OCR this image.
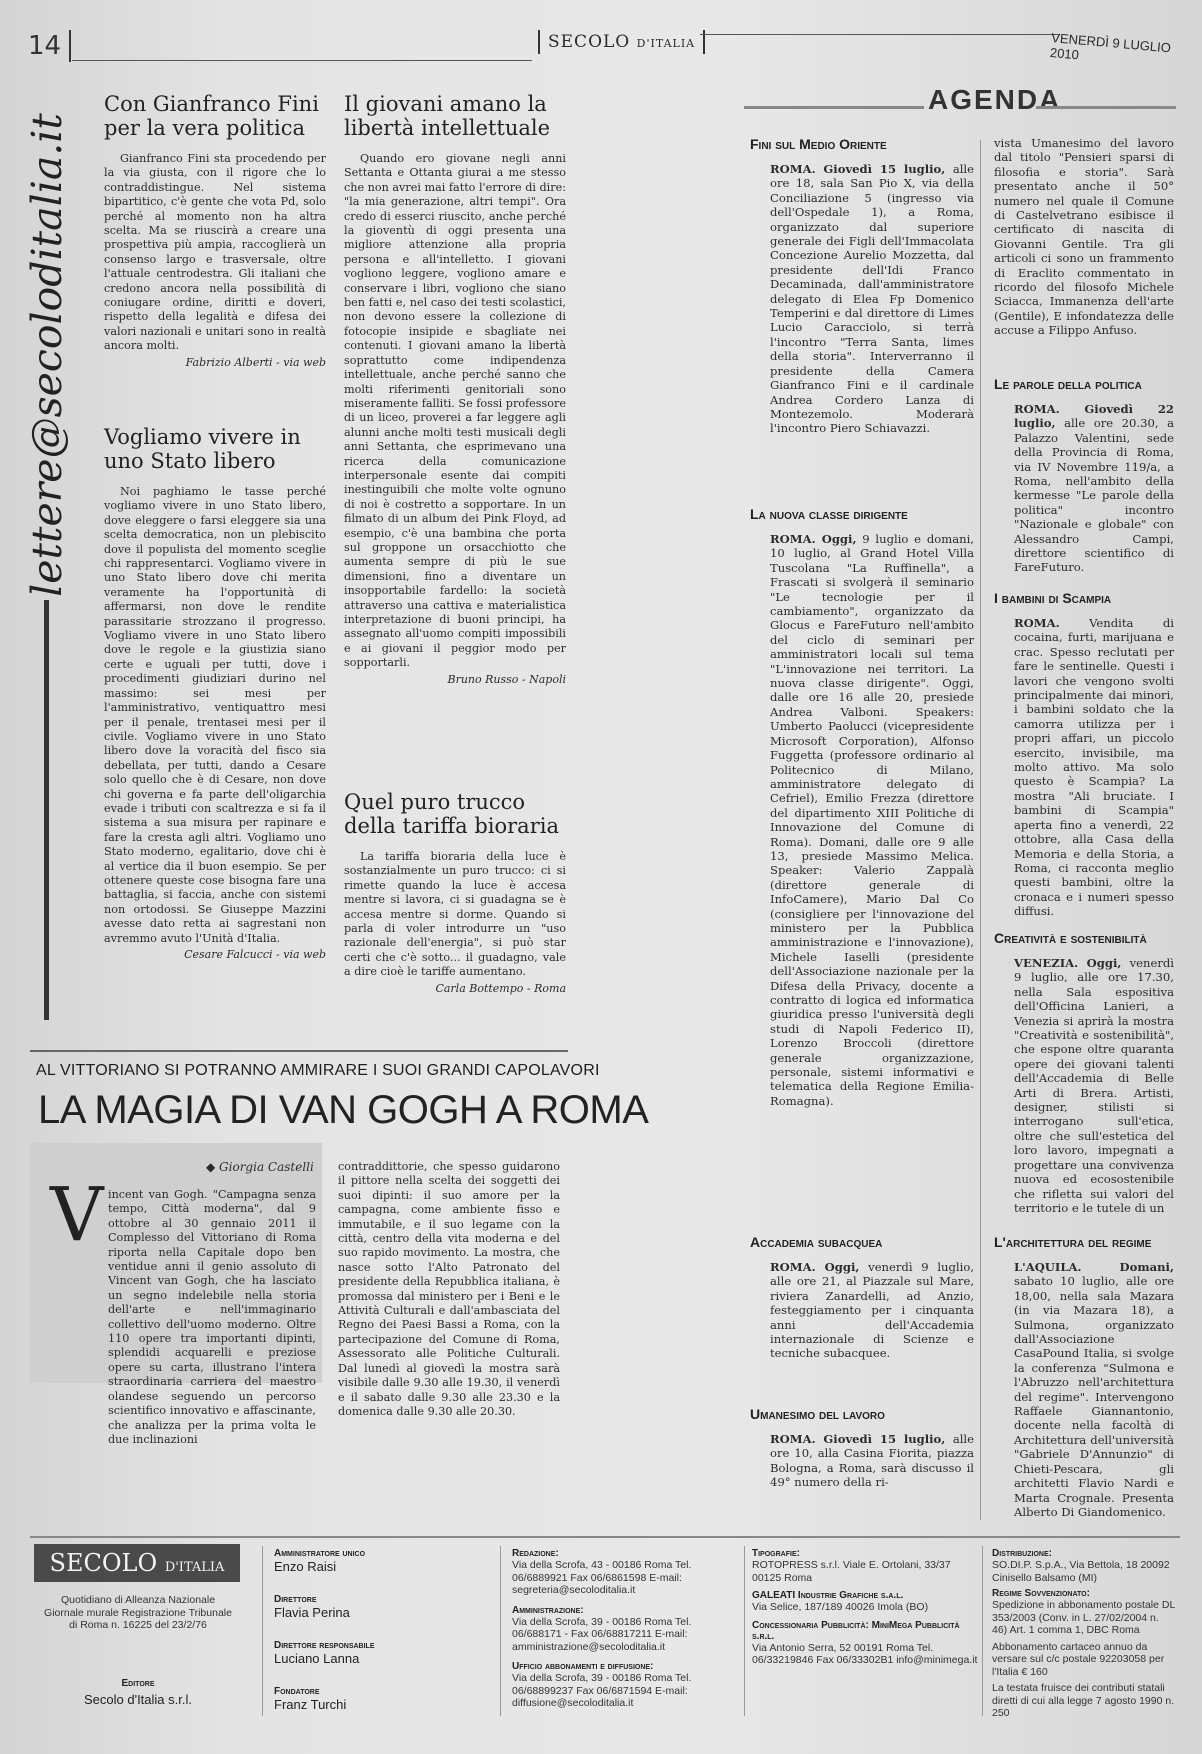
14	SECOLO D'ITALIA	VENERDÌ 9 LUGLIO 2010
lettere@secoloditalia.it
Con Gianfranco Fini per la vera politica

Gianfranco Fini sta procedendo per la via giusta, con il rigore che lo contraddistingue. Nel sistema bipartitico, c'è gente che vota Pd, solo perché al momento non ha altra scelta. Ma se riuscirà a creare una prospettiva più ampia, raccoglierà un consenso largo e trasversale, oltre l'attuale centrodestra. Gli italiani che credono ancora nella possibilità di coniugare ordine, diritti e doveri, rispetto della legalità e difesa dei valori nazionali e unitari sono in realtà ancora molti.

Fabrizio Alberti - via web
Vogliamo vivere in uno Stato libero

Noi paghiamo le tasse perché vogliamo vivere in uno Stato libero, dove eleggere o farsi eleggere sia una scelta democratica, non un plebiscito dove il populista del momento sceglie chi rappresentarci. Vogliamo vivere in uno Stato libero dove chi merita veramente ha l'opportunità di affermarsi, non dove le rendite parassitarie strozzano il progresso. Vogliamo vivere in uno Stato libero dove le regole e la giustizia siano certe e uguali per tutti, dove i procedimenti giudiziari durino nel massimo: sei mesi per l'amministrativo, ventiquattro mesi per il penale, trentasei mesi per il civile. Vogliamo vivere in uno Stato libero dove la voracità del fisco sia debellata, per tutti, dando a Cesare solo quello che è di Cesare, non dove chi governa e fa parte dell'oligarchia evade i tributi con scaltrezza e si fa il sistema a sua misura per rapinare e fare la cresta agli altri. Vogliamo uno Stato moderno, egalitario, dove chi è al vertice dia il buon esempio. Se per ottenere queste cose bisogna fare una battaglia, si faccia, anche con sistemi non ortodossi. Se Giuseppe Mazzini avesse dato retta ai sagrestani non avremmo avuto l'Unità d'Italia.

Cesare Falcucci - via web
Il giovani amano la libertà intellettuale

Quando ero giovane negli anni Settanta e Ottanta giurai a me stesso che non avrei mai fatto l'errore di dire: "la mia generazione, altri tempi". Ora credo di esserci riuscito, anche perché la gioventù di oggi presenta una migliore attenzione alla propria persona e all'intelletto. I giovani vogliono leggere, vogliono amare e conservare i libri, vogliono che siano ben fatti e, nel caso dei testi scolastici, non devono essere la collezione di fotocopie insipide e sbagliate nei contenuti. I giovani amano la libertà soprattutto come indipendenza intellettuale, anche perché sanno che molti riferimenti genitoriali sono miseramente falliti. Se fossi professore di un liceo, proverei a far leggere agli alunni anche molti testi musicali degli anni Settanta, che esprimevano una ricerca della comunicazione interpersonale esente dai compiti inestinguibili che molte volte ognuno di noi è costretto a sopportare. In un filmato di un album dei Pink Floyd, ad esempio, c'è una bambina che porta sul groppone un orsacchiotto che aumenta sempre di più le sue dimensioni, fino a diventare un insopportabile fardello: la società attraverso una cattiva e materialistica interpretazione di buoni principi, ha assegnato all'uomo compiti impossibili e ai giovani il peggior modo per sopportarli.

Bruno Russo - Napoli
Quel puro trucco della tariffa bioraria

La tariffa bioraria della luce è sostanzialmente un puro trucco: ci si rimette quando la luce è accesa mentre si lavora, ci si guadagna se è accesa mentre si dorme. Quando si parla di voler introdurre un "uso razionale dell'energia", si può star certi che c'è sotto... il guadagno, vale a dire cioè le tariffe aumentano.

Carla Bottempo - Roma
AL VITTORIANO SI POTRANNO AMMIRARE I SUOI GRANDI CAPOLAVORI
LA MAGIA DI VAN GOGH A ROMA
◆ Giorgia Castelli
V incent van Gogh. "Campagna senza tempo, Città moderna", dal 9 ottobre al 30 gennaio 2011 il Complesso del Vittoriano di Roma riporta nella Capitale dopo ben ventidue anni il genio assoluto di Vincent van Gogh, che ha lasciato un segno indelebile nella storia dell'arte e nell'immaginario collettivo dell'uomo moderno. Oltre 110 opere tra importanti dipinti, splendidi acquarelli e preziose opere su carta, illustrano l'intera straordinaria carriera del maestro olandese seguendo un percorso scientifico innovativo e affascinante, che analizza per la prima volta le due inclinazioni
contraddittorie, che spesso guidarono il pittore nella scelta dei soggetti dei suoi dipinti: il suo amore per la campagna, come ambiente fisso e immutabile, e il suo legame con la città, centro della vita moderna e del suo rapido movimento. La mostra, che nasce sotto l'Alto Patronato del presidente della Repubblica italiana, è promossa dal ministero per i Beni e le Attività Culturali e dall'ambasciata del Regno dei Paesi Bassi a Roma, con la partecipazione del Comune di Roma, Assessorato alle Politiche Culturali. Dal lunedì al giovedì la mostra sarà visibile dalle 9.30 alle 19.30, il venerdì e il sabato dalle 9.30 alle 23.30 e la domenica dalle 9.30 alle 20.30.
AGENDA
Fini sul Medio Oriente
ROMA. Giovedì 15 luglio, alle ore 18, sala San Pio X, via della Conciliazione 5 (ingresso via dell'Ospedale 1), a Roma, organizzato dal superiore generale dei Figli dell'Immacolata Concezione Aurelio Mozzetta, dal presidente dell'Idi Franco Decaminada, dall'amministratore delegato di Elea Fp Domenico Temperini e dal direttore di Limes Lucio Caracciolo, si terrà l'incontro "Terra Santa, limes della storia". Interverranno il presidente della Camera Gianfranco Fini e il cardinale Andrea Cordero Lanza di Montezemolo. Moderarà l'incontro Piero Schiavazzi.
La nuova classe dirigente
ROMA. Oggi, 9 luglio e domani, 10 luglio, al Grand Hotel Villa Tuscolana "La Ruffinella", a Frascati si svolgerà il seminario "Le tecnologie per il cambiamento", organizzato da Glocus e FareFuturo nell'ambito del ciclo di seminari per amministratori locali sul tema "L'innovazione nei territori. La nuova classe dirigente". Oggi, dalle ore 16 alle 20, presiede Andrea Valboni. Speakers: Umberto Paolucci (vicepresidente Microsoft Corporation), Alfonso Fuggetta (professore ordinario al Politecnico di Milano, amministratore delegato di Cefriel), Emilio Frezza (direttore del dipartimento XIII Politiche di Innovazione del Comune di Roma). Domani, dalle ore 9 alle 13, presiede Massimo Melica. Speaker: Valerio Zappalà (direttore generale di InfoCamere), Mario Dal Co (consigliere per l'innovazione del ministero per la Pubblica amministrazione e l'innovazione), Michele Iaselli (presidente dell'Associazione nazionale per la Difesa della Privacy, docente a contratto di logica ed informatica giuridica presso l'università degli studi di Napoli Federico II), Lorenzo Broccoli (direttore generale organizzazione, personale, sistemi informativi e telematica della Regione Emilia-Romagna).
Accademia subacquea
ROMA. Oggi, venerdì 9 luglio, alle ore 21, al Piazzale sul Mare, riviera Zanardelli, ad Anzio, festeggiamento per i cinquanta anni dell'Accademia internazionale di Scienze e tecniche subacquee.
Umanesimo del lavoro
ROMA. Giovedì 15 luglio, alle ore 10, alla Casina Fiorita, piazza Bologna, a Roma, sarà discusso il 49° numero della ri-
vista Umanesimo del lavoro dal titolo "Pensieri sparsi di filosofia e storia". Sarà presentato anche il 50° numero nel quale il Comune di Castelvetrano esibisce il certificato di nascita di Giovanni Gentile. Tra gli articoli ci sono un frammento di Eraclito commentato in ricordo del filosofo Michele Sciacca, Immanenza dell'arte (Gentile), E infondatezza delle accuse a Filippo Anfuso.
Le parole della politica
ROMA. Giovedì 22 luglio, alle ore 20.30, a Palazzo Valentini, sede della Provincia di Roma, via IV Novembre 119/a, a Roma, nell'ambito della kermesse "Le parole della politica" incontro "Nazionale e globale" con Alessandro Campi, direttore scientifico di FareFuturo.
I bambini di Scampia
ROMA.	Vendita di cocaina, furti, marijuana e crac. Spesso reclutati per fare le sentinelle. Questi i lavori che vengono svolti principalmente dai minori, i bambini soldato che la camorra utilizza per i propri affari, un piccolo esercito, invisibile, ma molto attivo. Ma solo questo è Scampia? La mostra "Ali bruciate. I bambini di Scampia" aperta fino a venerdì, 22 ottobre, alla Casa della Memoria e della Storia, a Roma, ci racconta meglio questi bambini, oltre la cronaca e i numeri spesso diffusi.
Creatività e sostenibilità
VENEZIA. Oggi, venerdì 9 luglio, alle ore 17.30, nella Sala espositiva dell'Officina Lanieri, a Venezia si aprirà la mostra "Creatività e sostenibilità", che espone oltre quaranta opere dei giovani talenti dell'Accademia di Belle Arti di Brera. Artisti, designer, stilisti si interrogano sull'etica, oltre che sull'estetica del loro lavoro, impegnati a progettare una convivenza nuova ed ecosostenibile che rifletta sui valori del territorio e le tutele di un
L'architettura del regime
L'AQUILA. Domani, sabato 10 luglio, alle ore 18,00, nella sala Mazara (in via Mazara 18), a Sulmona, organizzato dall'Associazione CasaPound Italia, si svolge la conferenza "Sulmona e l'Abruzzo nell'architettura del regime". Intervengono Raffaele Giannantonio, docente nella facoltà di Architettura dell'università "Gabriele D'Annunzio" di Chieti-Pescara, gli architetti Flavio Nardi e Marta Crognale. Presenta Alberto Di Giandomenico.
SECOLO D'ITALIA
Quotidiano di Alleanza Nazionale Giornale murale Registrazione Tribunale di Roma n. 16225 del 23/2/76
Editore
Secolo d'Italia s.r.l.
Amministratore unico
Enzo Raisi
Direttore
Flavia Perina
Direttore responsabile
Luciano Lanna
Fondatore
Franz Turchi
Redazione:
Via della Scrofa, 43 - 00186 Roma Tel. 06/6889921 Fax 06/6861598 E-mail: segreteria@secoloditalia.it
Amministrazione:
Via della Scrofa, 39 - 00186 Roma Tel. 06/688171 - Fax 06/68817211 E-mail: amministrazione@secoloditalia.it
Ufficio abbonamenti e diffusione:
Via della Scrofa, 39 - 00186 Roma Tel. 06/68899237 Fax 06/6871594 E-mail: diffusione@secoloditalia.it
Tipografie:
ROTOPRESS s.r.l. Viale E. Ortolani, 33/37 00125 Roma
GALEATI Industrie Grafiche s.a.l.
Via Selice, 187/189 40026 Imola (BO)
Concessionaria Pubblicità: MiniMega Pubblicità s.r.l.
Via Antonio Serra, 52 00191 Roma Tel. 06/33219846 Fax 06/33302B1 info@minimega.it
Distribuzione:
SO.DI.P. S.p.A., Via Bettola, 18 20092 Cinisello Balsamo (MI)
Regime Sovvenzionato:
Spedizione in abbonamento postale DL 353/2003 (Conv. in L. 27/02/2004 n. 46) Art. 1 comma 1, DBC Roma
Abbonamento cartaceo annuo da versare sul c/c postale 92203058 per l'Italia € 160
La testata fruisce dei contributi statali diretti di cui alla legge 7 agosto 1990 n. 250
